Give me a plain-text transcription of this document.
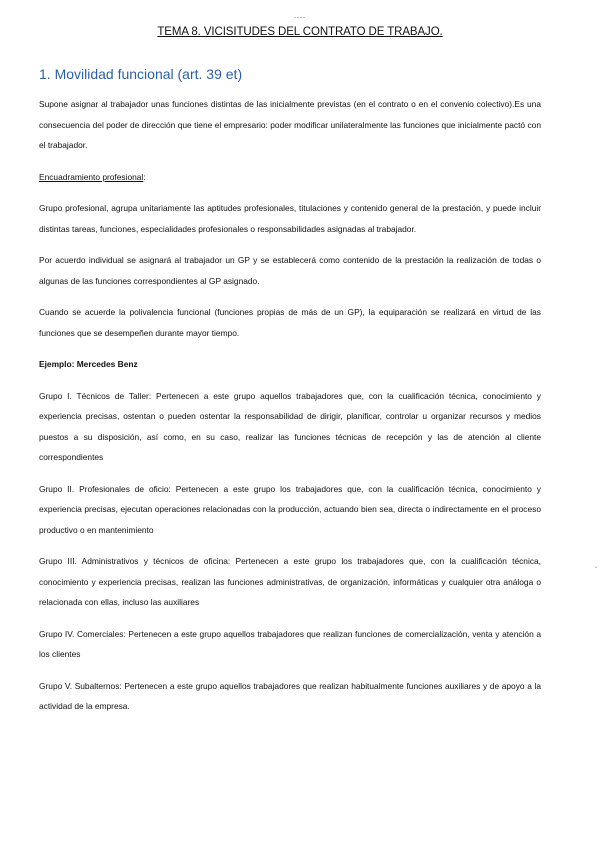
----
TEMA 8. VICISITUDES DEL CONTRATO DE TRABAJO.
1. Movilidad funcional (art. 39 et)

Supone asignar al trabajador unas funciones distintas de las inicialmente previstas (en el contrato o en el convenio colectivo).Es una consecuencia del poder de dirección que tiene el empresario: poder modificar unilateralmente las funciones que inicialmente pactó con el trabajador.

Encuadramiento profesional:

Grupo profesional, agrupa unitariamente las aptitudes profesionales, titulaciones y contenido general de la prestación, y puede incluir distintas tareas, funciones, especialidades profesionales o responsabilidades asignadas al trabajador.

Por acuerdo individual se asignará al trabajador un GP y se establecerá como contenido de la prestación la realización de todas o algunas de las funciones correspondientes al GP asignado.

Cuando se acuerde la polivalencia funcional (funciones propias de más de un GP), la equiparación se realizará en virtud de las funciones que se desempeñen durante mayor tiempo.

Ejemplo: Mercedes Benz

Grupo I. Técnicos de Taller: Pertenecen a este grupo aquellos trabajadores que, con la cualificación técnica, conocimiento y experiencia precisas, ostentan o pueden ostentar la responsabilidad de dirigir, planificar, controlar u organizar recursos y medios puestos a su disposición, así como, en su caso, realizar las funciones técnicas de recepción y las de atención al cliente correspondientes

Grupo II. Profesionales de oficio: Pertenecen a este grupo los trabajadores que, con la cualificación técnica, conocimiento y experiencia precisas, ejecutan operaciones relacionadas con la producción, actuando bien sea, directa o indirectamente en el proceso productivo o en mantenimiento

Grupo III. Administrativos y técnicos de oficina: Pertenecen a este grupo los trabajadores que, con la cualificación técnica, conocimiento y experiencia precisas, realizan las funciones administrativas, de organización, informáticas y cualquier otra análoga o relacionada con ellas, incluso las auxiliares

Grupo IV. Comerciales: Pertenecen a este grupo aquellos trabajadores que realizan funciones de comercialización, venta y atención a los clientes

Grupo V. Subalternos: Pertenecen a este grupo aquellos trabajadores que realizan habitualmente funciones auxiliares y de apoyo a la actividad de la empresa.

-
